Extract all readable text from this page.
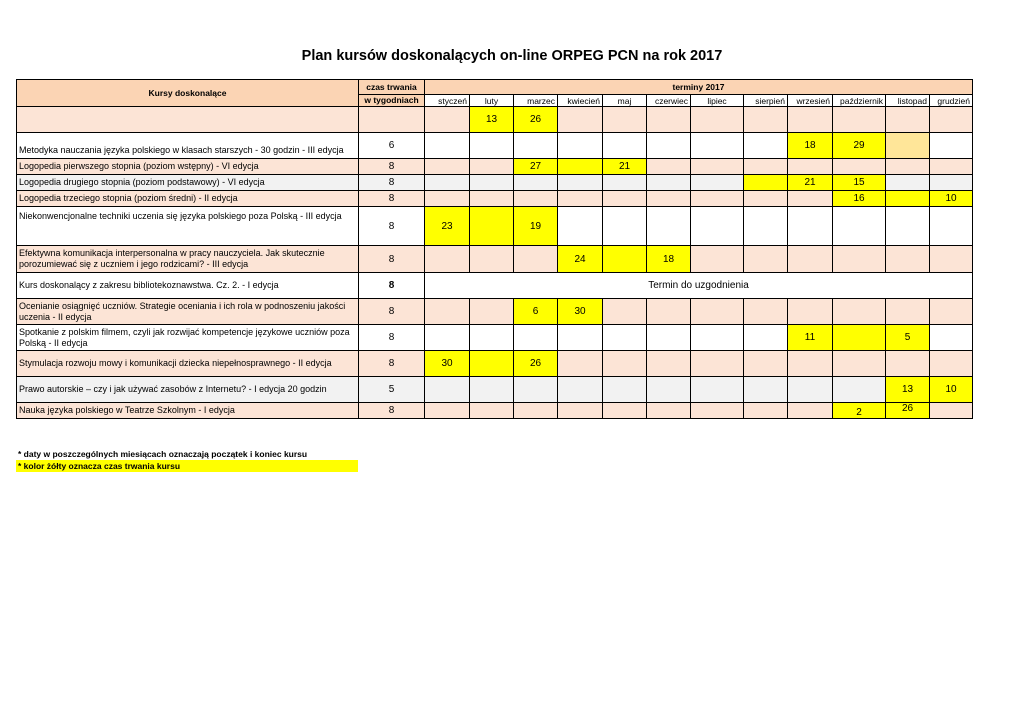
Plan kursów doskonalących on-line ORPEG PCN na rok 2017
Kursy doskonalące	czas trwania	terminy 2017											
	w tygodniach	styczeń	luty	marzec	kwiecień	maj	czerwiec	lipiec	sierpień	wrzesień	październik	listopad	grudzień
			13	26									
Metodyka nauczania języka polskiego w klasach starszych - 30 godzin - III edycja	6									18	29		
Logopedia pierwszego stopnia (poziom wstępny) - VI edycja	8			27		21							
Logopedia drugiego stopnia (poziom podstawowy) - VI edycja	8									21	15		
Logopedia trzeciego stopnia (poziom średni) - II edycja	8										16		10
Niekonwencjonalne techniki uczenia się języka polskiego poza Polską - III edycja	8	23		19									
Efektywna komunikacja interpersonalna w pracy nauczyciela. Jak skutecznie porozumiewać się z uczniem i jego rodzicami? - III edycja	8				24		18						
Kurs doskonalący z zakresu bibliotekoznawstwa. Cz. 2. - I edycja	8	Termin do uzgodnienia											
Ocenianie osiągnięć uczniów. Strategie oceniania i ich rola w podnoszeniu jakości uczenia - II edycja	8			6	30								
Spotkanie z polskim filmem, czyli jak rozwijać kompetencje językowe uczniów poza Polską - II edycja	8									11		5	
Stymulacja rozwoju mowy i komunikacji dziecka niepełnosprawnego - II edycja	8	30		26									
Prawo autorskie – czy i jak używać zasobów z Internetu? - I edycja 20 godzin	5											13	10
Nauka języka polskiego w Teatrze Szkolnym - I edycja	8										2	26	
* daty w poszczególnych miesiącach oznaczają początek i koniec kursu
* kolor żółty oznacza czas trwania kursu
